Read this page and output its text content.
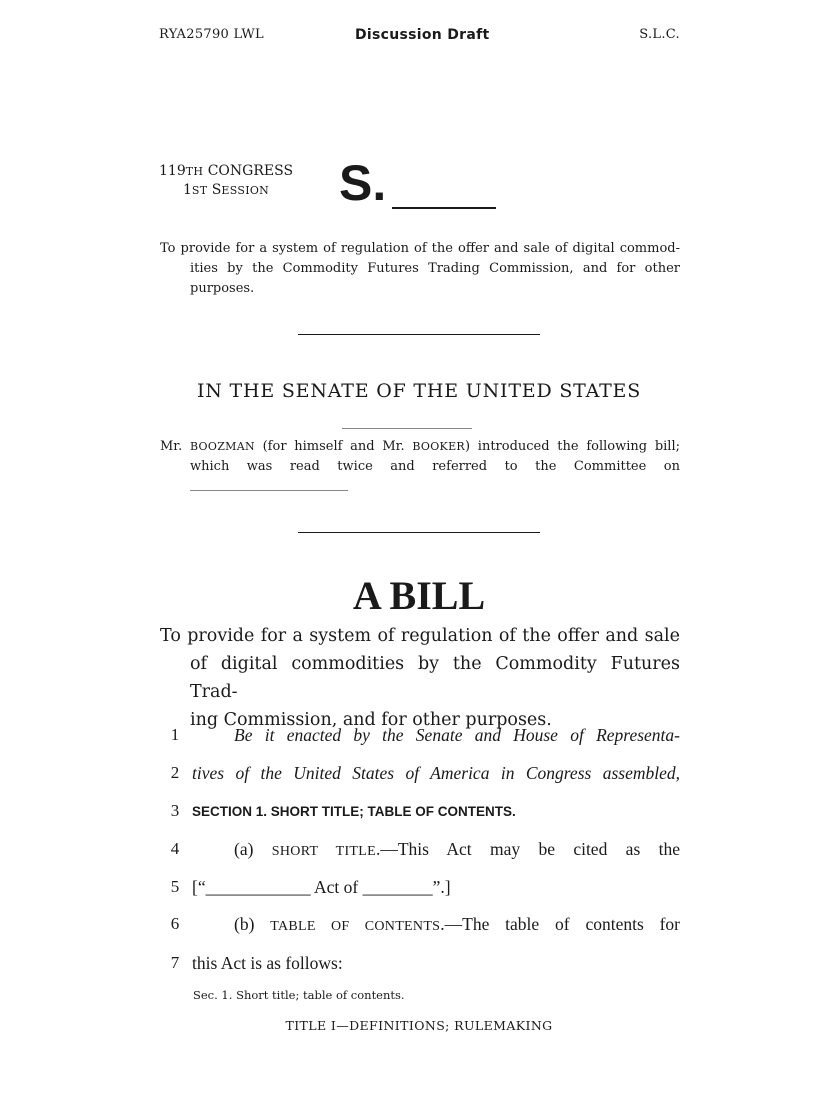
RYA25790 LWL	Discussion Draft	S.L.C.
119TH CONGRESS
1ST SESSION	S.
To provide for a system of regulation of the offer and sale of digital commod-
ities by the Commodity Futures Trading Commission, and for other
purposes.
IN THE SENATE OF THE UNITED STATES
Mr. BOOZMAN (for himself and Mr. BOOKER) introduced the following bill;
which was read twice and referred to the Committee on
A BILL
To provide for a system of regulation of the offer and sale
of digital commodities by the Commodity Futures Trad-
ing Commission, and for other purposes.
1	Be it enacted by the Senate and House of Representa-
2 tives of the United States of America in Congress assembled,
3 SECTION 1. SHORT TITLE; TABLE OF CONTENTS.
4	(a) SHORT TITLE.—This Act may be cited as the
5 [“____________ Act of ________”.]
6	(b) TABLE OF CONTENTS.—The table of contents for
7 this Act is as follows:
Sec. 1. Short title; table of contents.
TITLE I—DEFINITIONS; RULEMAKING
